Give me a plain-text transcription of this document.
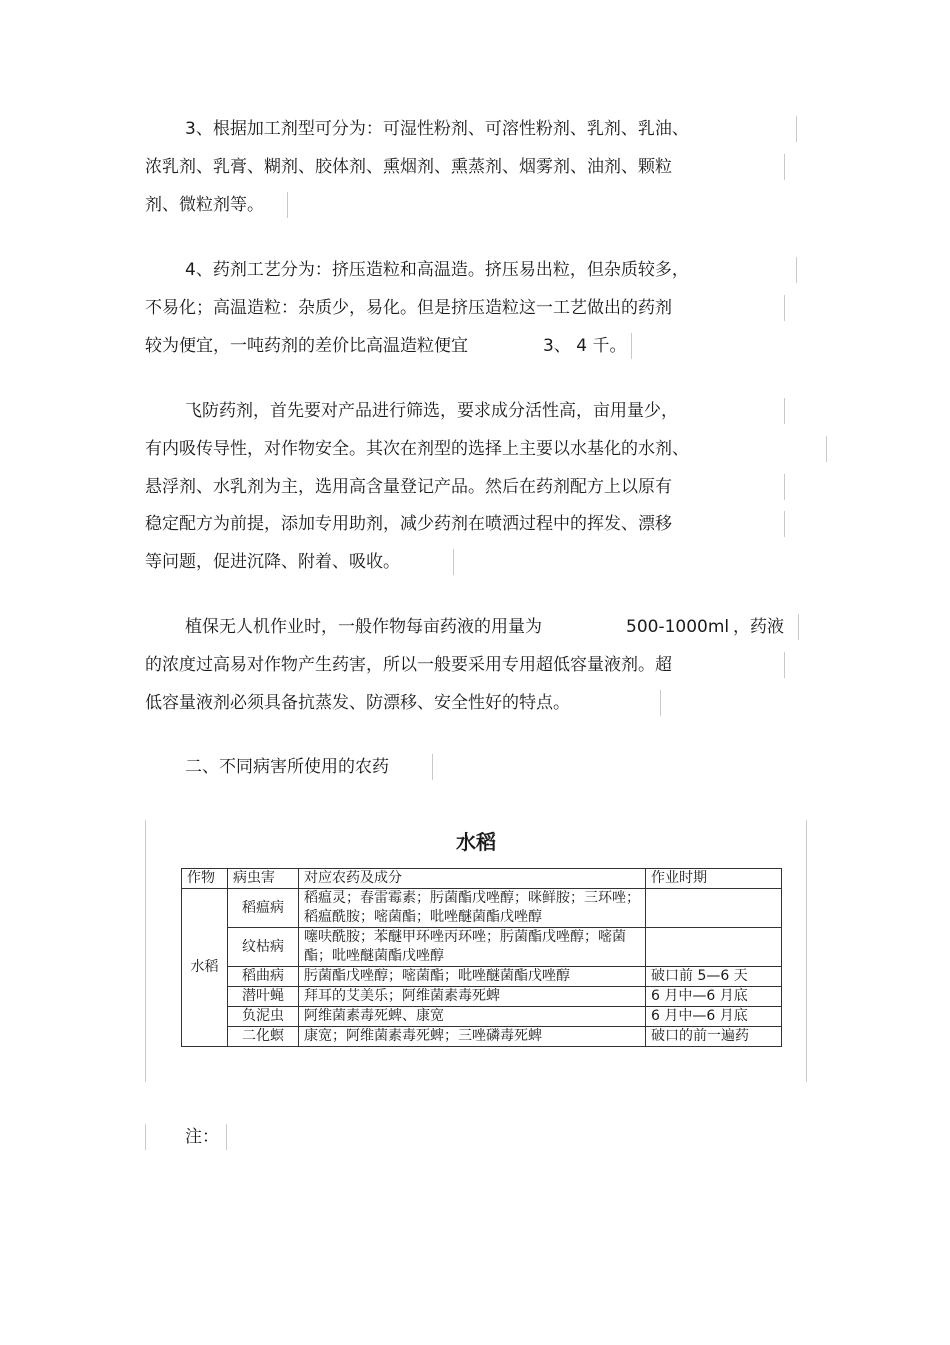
3、根据加工剂型可分为：可湿性粉剂、可溶性粉剂、乳剂、乳油、
浓乳剂、乳膏、糊剂、胶体剂、熏烟剂、熏蒸剂、烟雾剂、油剂、颗粒
剂、微粒剂等。
4、药剂工艺分为：挤压造粒和高温造。挤压易出粒，但杂质较多，
不易化；高温造粒：杂质少，易化。但是挤压造粒这一工艺做出的药剂
较为便宜，一吨药剂的差价比高温造粒便宜	3、 4 千。
飞防药剂，首先要对产品进行筛选，要求成分活性高，亩用量少，
有内吸传导性，对作物安全。其次在剂型的选择上主要以水基化的水剂、
悬浮剂、水乳剂为主，选用高含量登记产品。然后在药剂配方上以原有
稳定配方为前提，添加专用助剂，减少药剂在喷洒过程中的挥发、漂移
等问题，促进沉降、附着、吸收。
植保无人机作业时，一般作物每亩药液的用量为	500-1000ml ，药液
的浓度过高易对作物产生药害，所以一般要采用专用超低容量液剂。超
低容量液剂必须具备抗蒸发、防漂移、安全性好的特点。
二、不同病害所使用的农药
水稻
作物	病虫害	对应农药及成分	作业时期
水稻	稻瘟病	稻瘟灵；春雷霉素；肟菌酯戊唑醇；咪鲜胺；三环唑；稻瘟酰胺；嘧菌酯；吡唑醚菌酯戊唑醇	
	纹枯病	噻呋酰胺；苯醚甲环唑丙环唑；肟菌酯戊唑醇；嘧菌酯；吡唑醚菌酯戊唑醇	
	稻曲病	肟菌酯戊唑醇；嘧菌酯；吡唑醚菌酯戊唑醇	破口前 5—6 天
	潜叶蝇	拜耳的艾美乐；阿维菌素毒死蜱	6 月中—6 月底
	负泥虫	阿维菌素毒死蜱、康宽	6 月中—6 月底
	二化螟	康宽；阿维菌素毒死蜱；三唑磷毒死蜱	破口的前一遍药
注：
